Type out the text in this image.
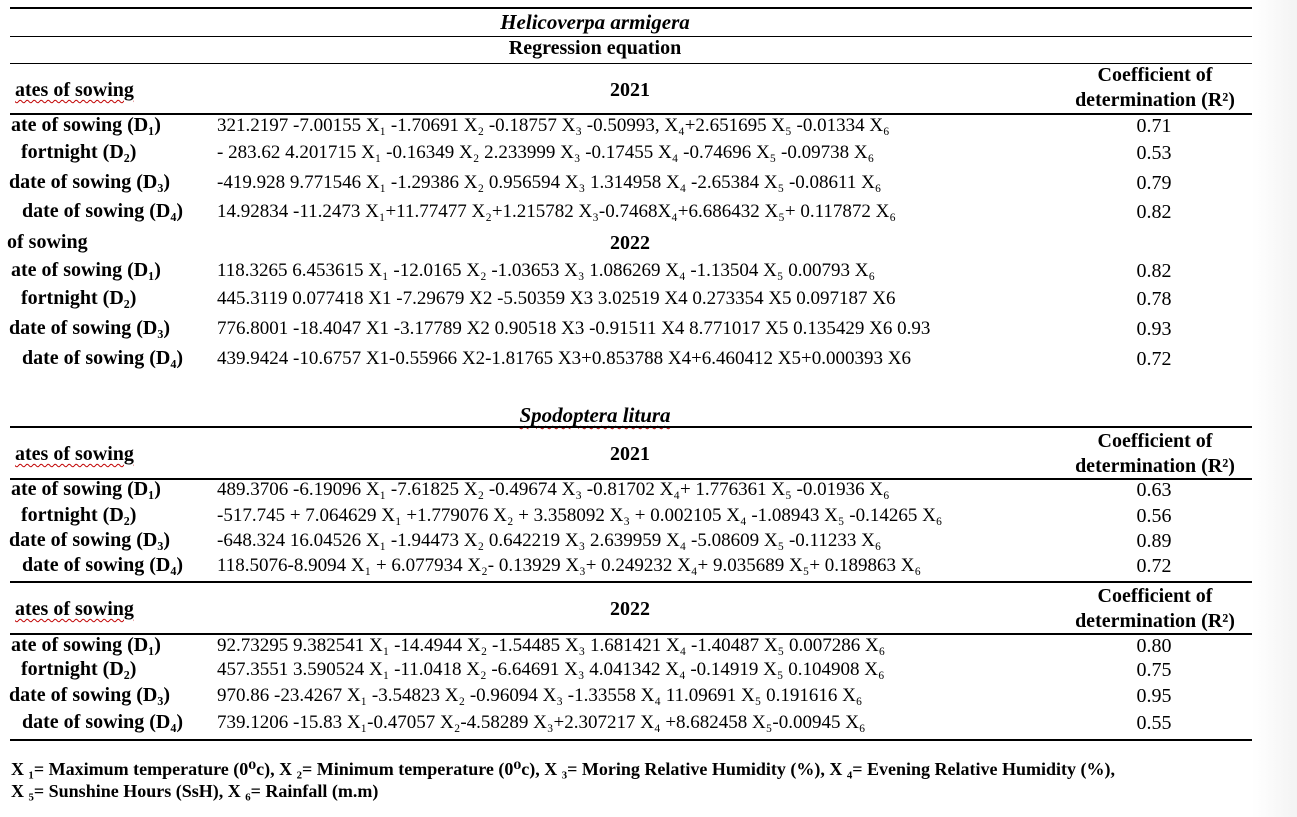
Helicoverpa armigera
Regression equation
ates of sowing	2021
Coefficient of
determination (R²)
ate of sowing (D₁)	321.2197 -7.00155 X₁ -1.70691 X₂ -0.18757 X₃ -0.50993, X₄+2.651695 X₅ -0.01334 X₆	0.71
fortnight (D₂)	- 283.62 4.201715 X₁ -0.16349 X₂ 2.233999 X₃ -0.17455 X₄ -0.74696 X₅ -0.09738 X₆	0.53
date of sowing (D₃) -419.928 9.771546 X₁ -1.29386 X₂ 0.956594 X₃ 1.314958 X₄ -2.65384 X₅ -0.08611 X₆	0.79
date of sowing (D₄) 14.92834 -11.2473 X₁+11.77477 X₂+1.215782 X₃-0.7468X₄+6.686432 X₅+ 0.117872 X₆	0.82
of sowing	2022
ate of sowing (D₁)	118.3265 6.453615 X₁ -12.0165 X₂ -1.03653 X₃ 1.086269 X₄ -1.13504 X₅ 0.00793 X₆	0.82
fortnight (D₂)	445.3119 0.077418 X1 -7.29679 X2 -5.50359 X3 3.02519 X4 0.273354 X5 0.097187 X6	0.78
date of sowing (D₃) 776.8001 -18.4047 X1 -3.17789 X2 0.90518 X3 -0.91511 X4 8.771017 X5 0.135429 X6 0.93	0.93
date of sowing (D₄) 439.9424 -10.6757 X1-0.55966 X2-1.81765 X3+0.853788 X4+6.460412 X5+0.000393 X6	0.72
Spodoptera litura
ates of sowing	2021
Coefficient of
determination (R²)
ate of sowing (D₁)	489.3706 -6.19096 X₁ -7.61825 X₂ -0.49674 X₃ -0.81702 X₄+ 1.776361 X₅ -0.01936 X₆	0.63
fortnight (D₂)	-517.745 + 7.064629 X₁ +1.779076 X₂ + 3.358092 X₃ + 0.002105 X₄ -1.08943 X₅ -0.14265 X₆	0.56
date of sowing (D₃) -648.324 16.04526 X₁ -1.94473 X₂ 0.642219 X₃ 2.639959 X₄ -5.08609 X₅ -0.11233 X₆	0.89
date of sowing (D₄) 118.5076-8.9094 X₁ + 6.077934 X₂- 0.13929 X₃+ 0.249232 X₄+ 9.035689 X₅+ 0.189863 X₆	0.72
ates of sowing	2022
Coefficient of
determination (R²)
ate of sowing (D₁)	92.73295 9.382541 X₁ -14.4944 X₂ -1.54485 X₃ 1.681421 X₄ -1.40487 X₅ 0.007286 X₆	0.80
fortnight (D₂)	457.3551 3.590524 X₁ -11.0418 X₂ -6.64691 X₃ 4.041342 X₄ -0.14919 X₅ 0.104908 X₆	0.75
date of sowing (D₃) 970.86 -23.4267 X₁ -3.54823 X₂ -0.96094 X₃ -1.33558 X₄ 11.09691 X₅ 0.191616 X₆	0.95
date of sowing (D₄) 739.1206 -15.83 X₁-0.47057 X₂-4.58289 X₃+2.307217 X₄ +8.682458 X₅-0.00945 X₆	0.55
X ₁= Maximum temperature (0⁰c), X ₂= Minimum temperature (0⁰c), X ₃= Moring Relative Humidity (%), X ₄= Evening Relative Humidity (%),
X ₅= Sunshine Hours (SsH), X ₆= Rainfall (m.m)
